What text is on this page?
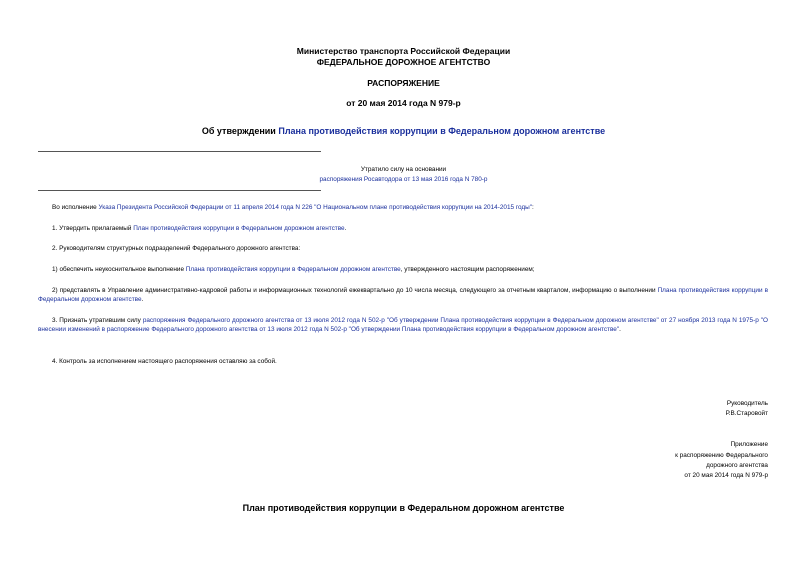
Министерство транспорта Российской Федерации
ФЕДЕРАЛЬНОЕ ДОРОЖНОЕ АГЕНТСТВО
РАСПОРЯЖЕНИЕ
от 20 мая 2014 года N 979-р
Об утверждении Плана противодействия коррупции в Федеральном дорожном агентстве
Утратило силу на основании
распоряжения Росавтодора от 13 мая 2016 года N 780-р
Во исполнение Указа Президента Российской Федерации от 11 апреля 2014 года N 226 "О Национальном плане противодействия коррупции на 2014-2015 годы":
1. Утвердить прилагаемый План противодействия коррупции в Федеральном дорожном агентстве.
2. Руководителям структурных подразделений Федерального дорожного агентства:
1) обеспечить неукоснительное выполнение Плана противодействия коррупции в Федеральном дорожном агентстве, утвержденного настоящим распоряжением;
2) представлять в Управление административно-кадровой работы и информационных технологий ежеквартально до 10 числа месяца, следующего за отчетным кварталом, информацию о выполнении Плана противодействия коррупции в Федеральном дорожном агентстве.
3. Признать утратившим силу распоряжения Федерального дорожного агентства от 13 июля 2012 года N 502-р "Об утверждении Плана противодействия коррупции в Федеральном дорожном агентстве" от 27 ноября 2013 года N 1975-р "О внесении изменений в распоряжение Федерального дорожного агентства от 13 июля 2012 года N 502-р "Об утверждении Плана противодействия коррупции в Федеральном дорожном агентстве".
4. Контроль за исполнением настоящего распоряжения оставляю за собой.
Руководитель
Р.В.Старовойт
Приложение
к распоряжению Федерального
дорожного агентства
от 20 мая 2014 года N 979-р
План противодействия коррупции в Федеральном дорожном агентстве
